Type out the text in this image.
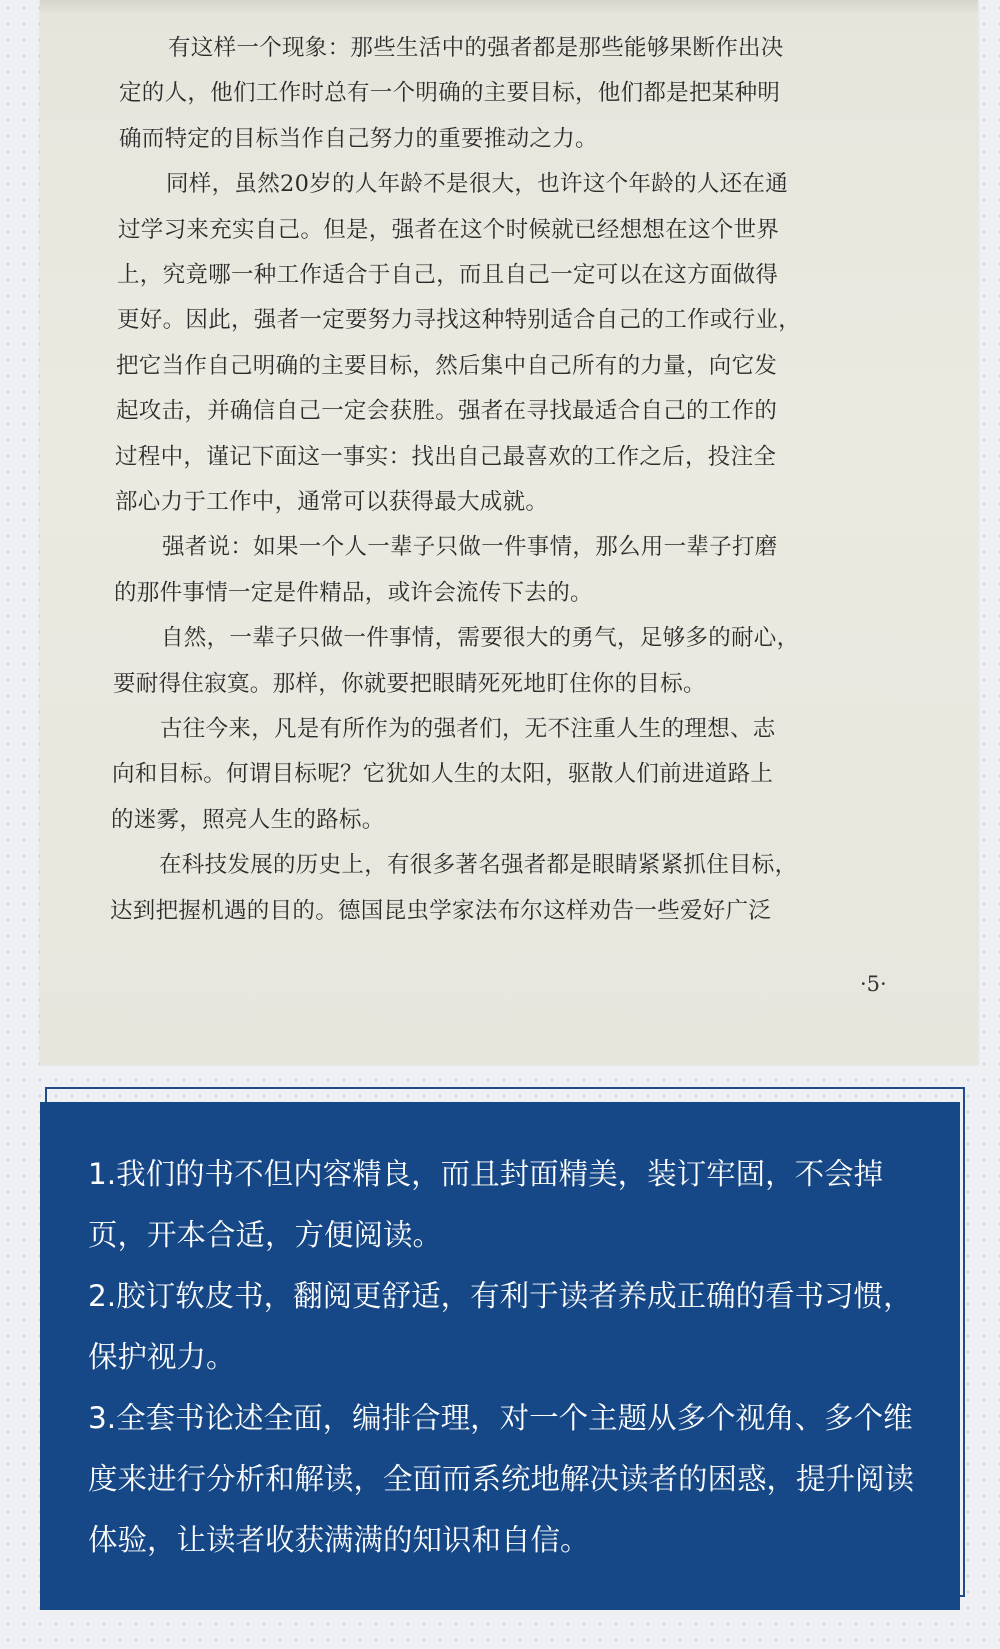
有这样一个现象：那些生活中的强者都是那些能够果断作出决
定的人，他们工作时总有一个明确的主要目标，他们都是把某种明
确而特定的目标当作自己努力的重要推动之力。
同样，虽然20岁的人年龄不是很大，也许这个年龄的人还在通
过学习来充实自己。但是，强者在这个时候就已经想想在这个世界
上，究竟哪一种工作适合于自己，而且自己一定可以在这方面做得
更好。因此，强者一定要努力寻找这种特别适合自己的工作或行业，
把它当作自己明确的主要目标，然后集中自己所有的力量，向它发
起攻击，并确信自己一定会获胜。强者在寻找最适合自己的工作的
过程中，谨记下面这一事实：找出自己最喜欢的工作之后，投注全
部心力于工作中，通常可以获得最大成就。
强者说：如果一个人一辈子只做一件事情，那么用一辈子打磨
的那件事情一定是件精品，或许会流传下去的。
自然，一辈子只做一件事情，需要很大的勇气，足够多的耐心，
要耐得住寂寞。那样，你就要把眼睛死死地盯住你的目标。
古往今来，凡是有所作为的强者们，无不注重人生的理想、志
向和目标。何谓目标呢？它犹如人生的太阳，驱散人们前进道路上
的迷雾，照亮人生的路标。
在科技发展的历史上，有很多著名强者都是眼睛紧紧抓住目标，
达到把握机遇的目的。德国昆虫学家法布尔这样劝告一些爱好广泛
·5·

1.我们的书不但内容精良，而且封面精美，装订牢固，不会掉页，开本合适，方便阅读。

2.胶订软皮书，翻阅更舒适，有利于读者养成正确的看书习惯，保护视力。

3.全套书论述全面，编排合理，对一个主题从多个视角、多个维度来进行分析和解读，全面而系统地解决读者的困惑，提升阅读体验，让读者收获满满的知识和自信。
